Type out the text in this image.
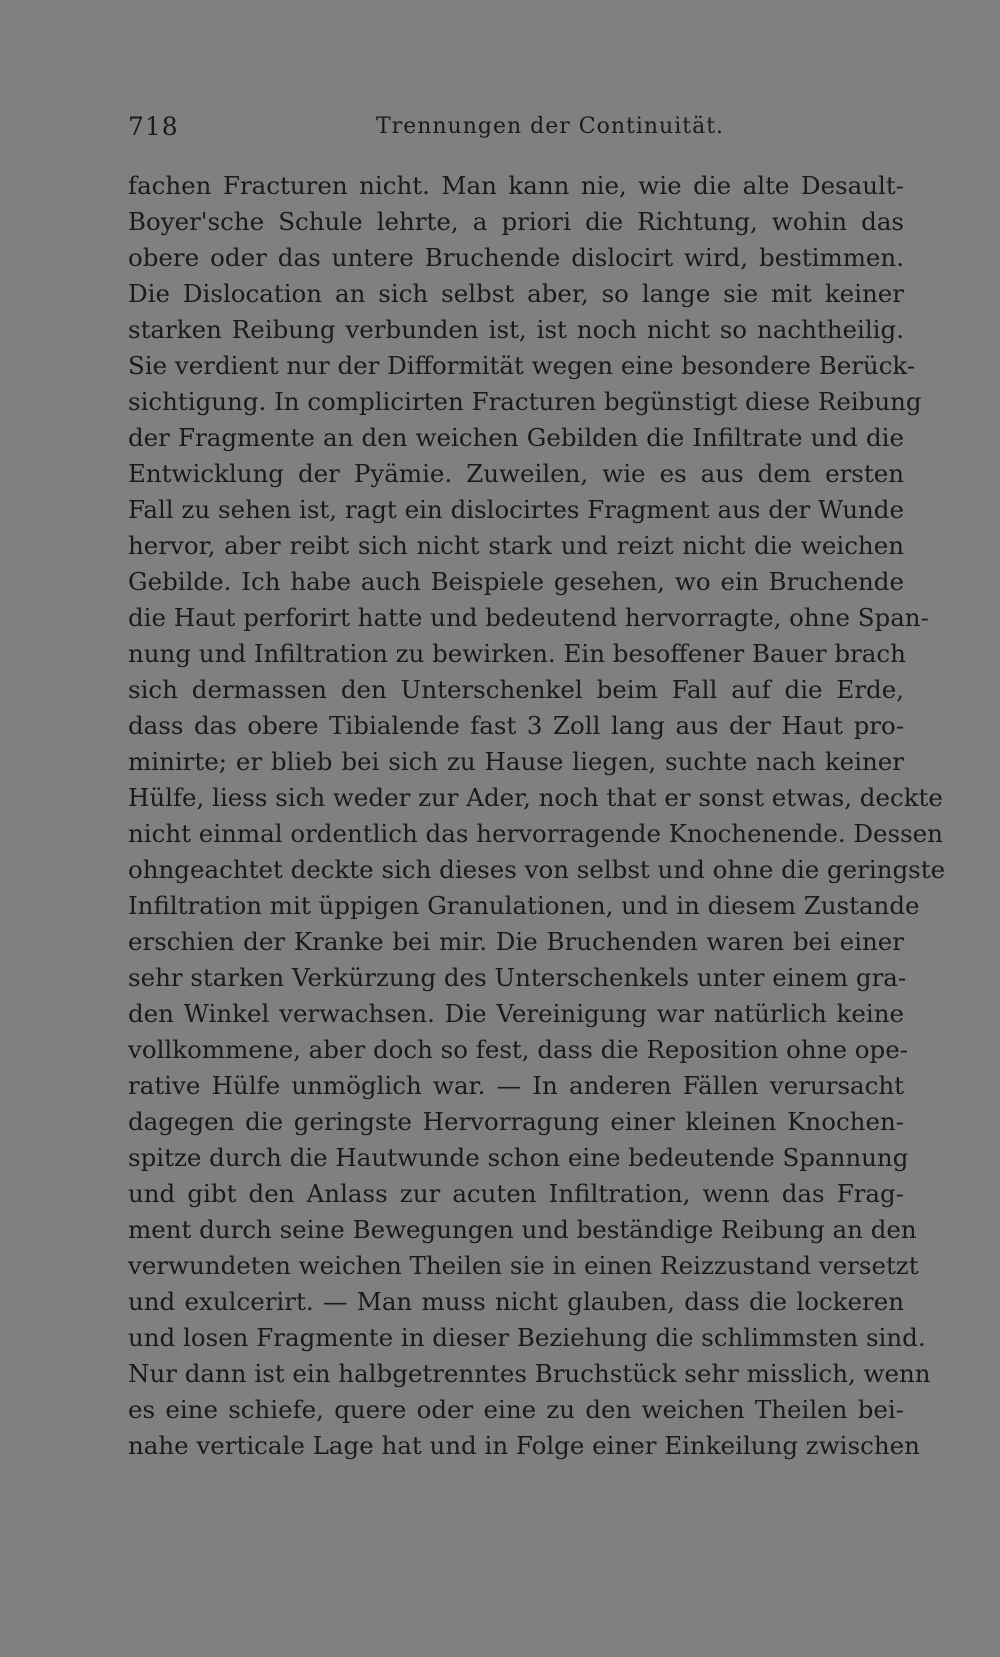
718	Trennungen der Continuität.
fachen Fracturen nicht. Man kann nie, wie die alte Desault-
Boyer'sche Schule lehrte, a priori die Richtung, wohin das
obere oder das untere Bruchende dislocirt wird, bestimmen.
Die Dislocation an sich selbst aber, so lange sie mit keiner
starken Reibung verbunden ist, ist noch nicht so nachtheilig.
Sie verdient nur der Difformität wegen eine besondere Berück-
sichtigung. In complicirten Fracturen begünstigt diese Reibung
der Fragmente an den weichen Gebilden die Infiltrate und die
Entwicklung der Pyämie. Zuweilen, wie es aus dem ersten
Fall zu sehen ist, ragt ein dislocirtes Fragment aus der Wunde
hervor, aber reibt sich nicht stark und reizt nicht die weichen
Gebilde. Ich habe auch Beispiele gesehen, wo ein Bruchende
die Haut perforirt hatte und bedeutend hervorragte, ohne Span-
nung und Infiltration zu bewirken. Ein besoffener Bauer brach
sich dermassen den Unterschenkel beim Fall auf die Erde,
dass das obere Tibialende fast 3 Zoll lang aus der Haut pro-
minirte; er blieb bei sich zu Hause liegen, suchte nach keiner
Hülfe, liess sich weder zur Ader, noch that er sonst etwas, deckte
nicht einmal ordentlich das hervorragende Knochenende. Dessen
ohngeachtet deckte sich dieses von selbst und ohne die geringste
Infiltration mit üppigen Granulationen, und in diesem Zustande
erschien der Kranke bei mir. Die Bruchenden waren bei einer
sehr starken Verkürzung des Unterschenkels unter einem gra-
den Winkel verwachsen. Die Vereinigung war natürlich keine
vollkommene, aber doch so fest, dass die Reposition ohne ope-
rative Hülfe unmöglich war. — In anderen Fällen verursacht
dagegen die geringste Hervorragung einer kleinen Knochen-
spitze durch die Hautwunde schon eine bedeutende Spannung
und gibt den Anlass zur acuten Infiltration, wenn das Frag-
ment durch seine Bewegungen und beständige Reibung an den
verwundeten weichen Theilen sie in einen Reizzustand versetzt
und exulcerirt. — Man muss nicht glauben, dass die lockeren
und losen Fragmente in dieser Beziehung die schlimmsten sind.
Nur dann ist ein halbgetrenntes Bruchstück sehr misslich, wenn
es eine schiefe, quere oder eine zu den weichen Theilen bei-
nahe verticale Lage hat und in Folge einer Einkeilung zwischen
